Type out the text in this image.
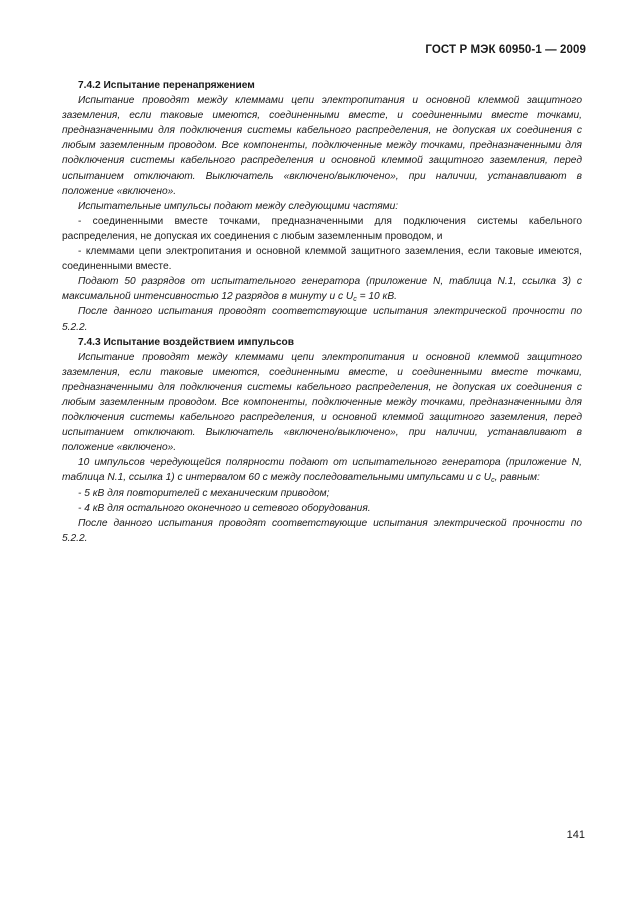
ГОСТ Р МЭК 60950-1 — 2009

7.4.2 Испытание перенапряжением

Испытание проводят между клеммами цепи электропитания и основной клеммой защитного заземления, если таковые имеются, соединенными вместе, и соединенными вместе точками, предназначенными для подключения системы кабельного распределения, не допуская их соединения с любым заземленным проводом. Все компоненты, подключенные между точками, предназначенными для подключения системы кабельного распределения и основной клеммой защитного заземления, перед испытанием отключают. Выключатель «включено/выключено», при наличии, устанавливают в положение «включено».

Испытательные импульсы подают между следующими частями:

- соединенными вместе точками, предназначенными для подключения системы кабельного распределения, не допуская их соединения с любым заземленным проводом, и

- клеммами цепи электропитания и основной клеммой защитного заземления, если таковые имеются, соединенными вместе.

Подают 50 разрядов от испытательного генератора (приложение N, таблица N.1, ссылка 3) с максимальной интенсивностью 12 разрядов в минуту и с $U_c = 10$ кВ.

После данного испытания проводят соответствующие испытания электрической прочности по 5.2.2.

7.4.3 Испытание воздействием импульсов

Испытание проводят между клеммами цепи электропитания и основной клеммой защитного заземления, если таковые имеются, соединенными вместе, и соединенными вместе точками, предназначенными для подключения системы кабельного распределения, не допуская их соединения с любым заземленным проводом. Все компоненты, подключенные между точками, предназначенными для подключения системы кабельного распределения, и основной клеммой защитного заземления, перед испытанием отключают. Выключатель «включено/выключено», при наличии, устанавливают в положение «включено».

10 импульсов чередующейся полярности подают от испытательного генератора (приложение N, таблица N.1, ссылка 1) с интервалом 60 с между последовательными импульсами и с $U_c$, равным:

- 5 кВ для повторителей с механическим приводом;

- 4 кВ для остального оконечного и сетевого оборудования.

После данного испытания проводят соответствующие испытания электрической прочности по 5.2.2.

141
